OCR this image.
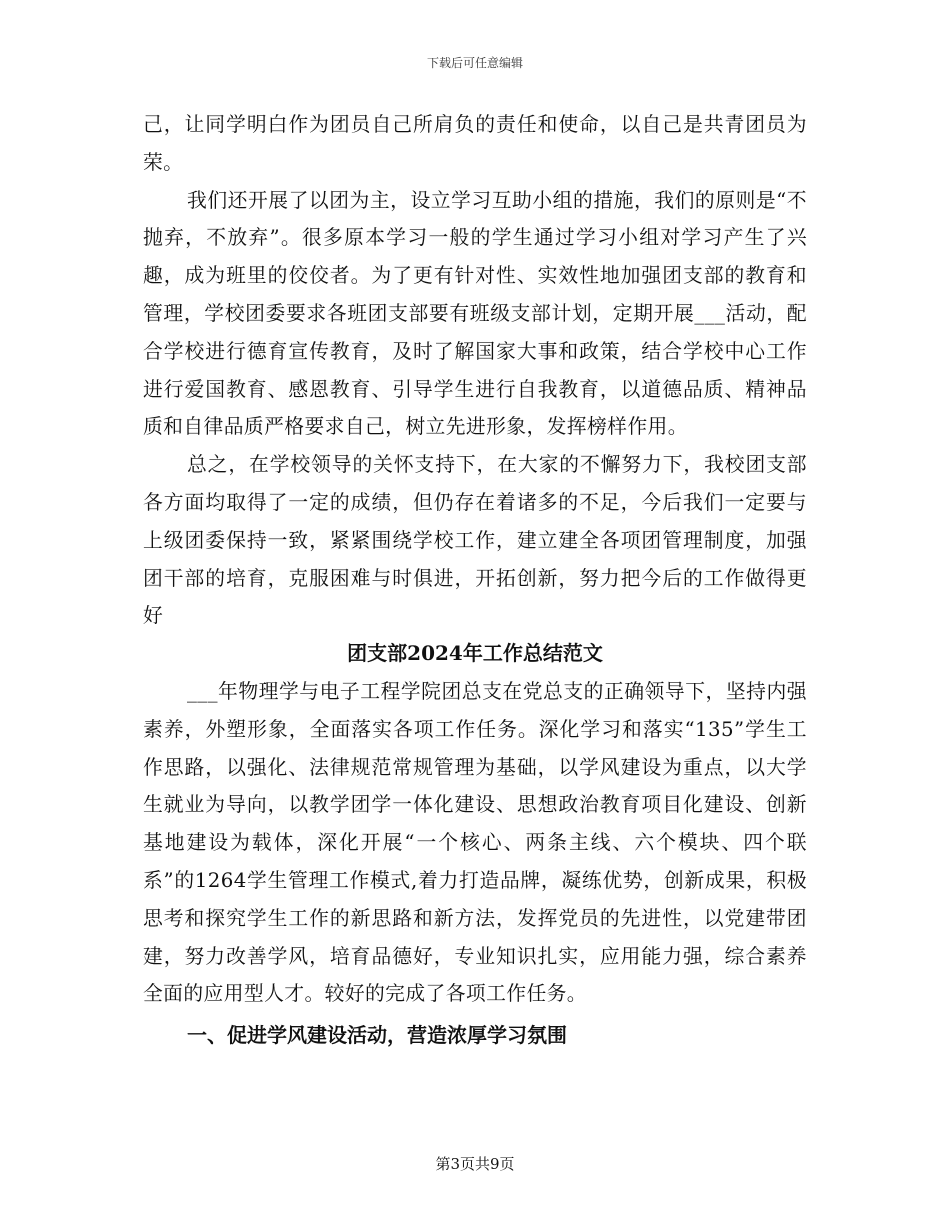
下载后可任意编辑

己，让同学明白作为团员自己所肩负的责任和使命，以自己是共青团员为荣。

我们还开展了以团为主，设立学习互助小组的措施，我们的原则是“不抛弃，不放弃”。很多原本学习一般的学生通过学习小组对学习产生了兴趣，成为班里的佼佼者。为了更有针对性、实效性地加强团支部的教育和管理，学校团委要求各班团支部要有班级支部计划，定期开展___活动，配合学校进行德育宣传教育，及时了解国家大事和政策，结合学校中心工作进行爱国教育、感恩教育、引导学生进行自我教育，以道德品质、精神品质和自律品质严格要求自己，树立先进形象，发挥榜样作用。

总之，在学校领导的关怀支持下，在大家的不懈努力下，我校团支部各方面均取得了一定的成绩，但仍存在着诸多的不足，今后我们一定要与上级团委保持一致，紧紧围绕学校工作，建立建全各项团管理制度，加强团干部的培育，克服困难与时俱进，开拓创新，努力把今后的工作做得更好

团支部2024年工作总结范文

___年物理学与电子工程学院团总支在党总支的正确领导下，坚持内强素养，外塑形象，全面落实各项工作任务。深化学习和落实“135”学生工作思路，以强化、法律规范常规管理为基础，以学风建设为重点，以大学生就业为导向，以教学团学一体化建设、思想政治教育项目化建设、创新基地建设为载体，深化开展“一个核心、两条主线、六个模块、四个联系”的1264学生管理工作模式,着力打造品牌，凝练优势，创新成果，积极思考和探究学生工作的新思路和新方法，发挥党员的先进性，以党建带团建，努力改善学风，培育品德好，专业知识扎实，应用能力强，综合素养全面的应用型人才。较好的完成了各项工作任务。

一、促进学风建设活动，营造浓厚学习氛围

第3页共9页
